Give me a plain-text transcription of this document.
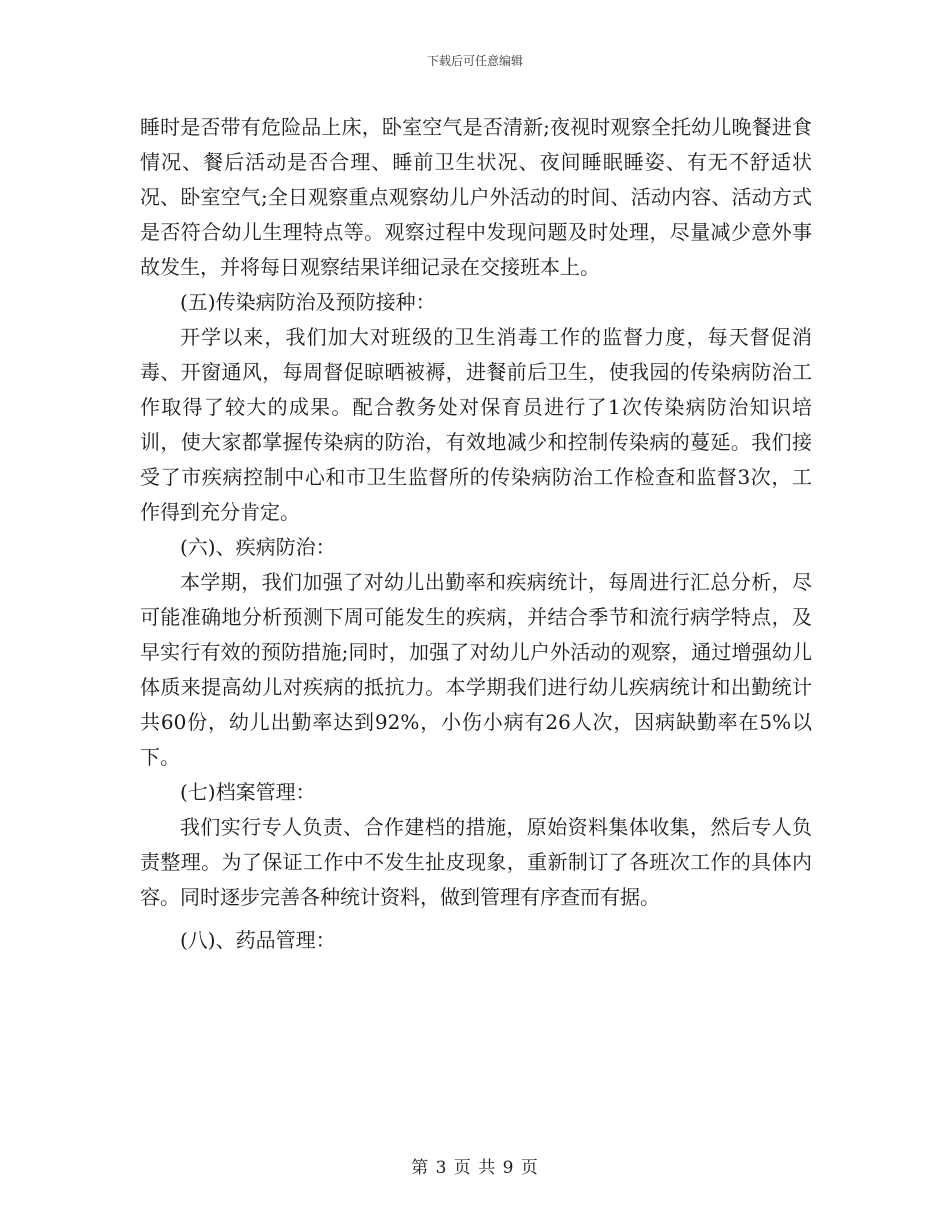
下载后可任意编辑

睡时是否带有危险品上床，卧室空气是否清新;夜视时观察全托幼儿晚餐进食情况、餐后活动是否合理、睡前卫生状况、夜间睡眠睡姿、有无不舒适状况、卧室空气;全日观察重点观察幼儿户外活动的时间、活动内容、活动方式是否符合幼儿生理特点等。观察过程中发现问题及时处理，尽量减少意外事故发生，并将每日观察结果详细记录在交接班本上。

(五)传染病防治及预防接种：

开学以来，我们加大对班级的卫生消毒工作的监督力度，每天督促消毒、开窗通风，每周督促晾晒被褥，进餐前后卫生，使我园的传染病防治工作取得了较大的成果。配合教务处对保育员进行了1次传染病防治知识培训，使大家都掌握传染病的防治，有效地减少和控制传染病的蔓延。我们接受了市疾病控制中心和市卫生监督所的传染病防治工作检查和监督3次，工作得到充分肯定。

(六)、疾病防治：

本学期，我们加强了对幼儿出勤率和疾病统计，每周进行汇总分析，尽可能准确地分析预测下周可能发生的疾病，并结合季节和流行病学特点，及早实行有效的预防措施;同时，加强了对幼儿户外活动的观察，通过增强幼儿体质来提高幼儿对疾病的抵抗力。本学期我们进行幼儿疾病统计和出勤统计共60份，幼儿出勤率达到92%，小伤小病有26人次，因病缺勤率在5%以下。

(七)档案管理：

我们实行专人负责、合作建档的措施，原始资料集体收集，然后专人负责整理。为了保证工作中不发生扯皮现象，重新制订了各班次工作的具体内容。同时逐步完善各种统计资料，做到管理有序查而有据。

(八)、药品管理：

第 3 页 共 9 页
